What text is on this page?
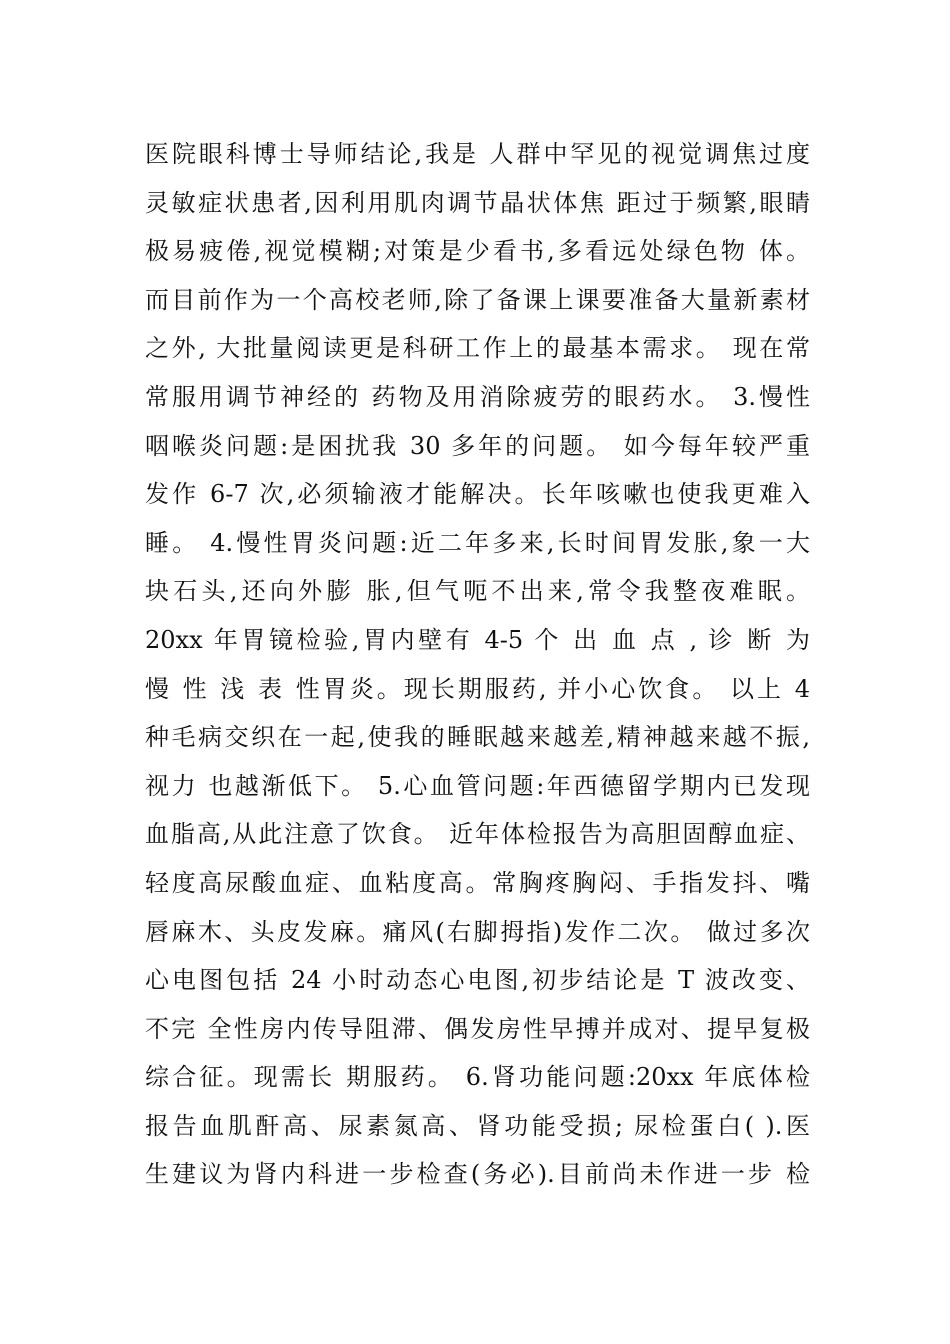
医院眼科博士导师结论,我是 人群中罕见的视觉调焦过度
灵敏症状患者,因利用肌肉调节晶状体焦 距过于频繁,眼睛
极易疲倦,视觉模糊;对策是少看书,多看远处绿色物 体。
而目前作为一个高校老师,除了备课上课要准备大量新素材
之外, 大批量阅读更是科研工作上的最基本需求。 现在常
常服用调节神经的 药物及用消除疲劳的眼药水。 3.慢性
咽喉炎问题:是困扰我 30 多年的问题。 如今每年较严重
发作 6-7 次,必须输液才能解决。长年咳嗽也使我更难入
睡。 4.慢性胃炎问题:近二年多来,长时间胃发胀,象一大
块石头,还向外膨 胀,但气呃不出来,常令我整夜难眠。
20xx 年胃镜检验,胃内壁有 4-5 个 出 血 点 , 诊 断 为
慢 性 浅 表 性胃炎。现长期服药, 并小心饮食。 以上 4
种毛病交织在一起,使我的睡眠越来越差,精神越来越不振,
视力 也越渐低下。 5.心血管问题:年西德留学期内已发现
血脂高,从此注意了饮食。 近年体检报告为高胆固醇血症、
轻度高尿酸血症、血粘度高。常胸疼胸闷、手指发抖、嘴
唇麻木、头皮发麻。痛风(右脚拇指)发作二次。 做过多次
心电图包括 24 小时动态心电图,初步结论是 T 波改变、
不完 全性房内传导阻滞、偶发房性早搏并成对、提早复极
综合征。现需长 期服药。 6.肾功能问题:20xx 年底体检
报告血肌酐高、尿素氮高、肾功能受损; 尿检蛋白( ).医
生建议为肾内科进一步检查(务必).目前尚未作进一步 检
